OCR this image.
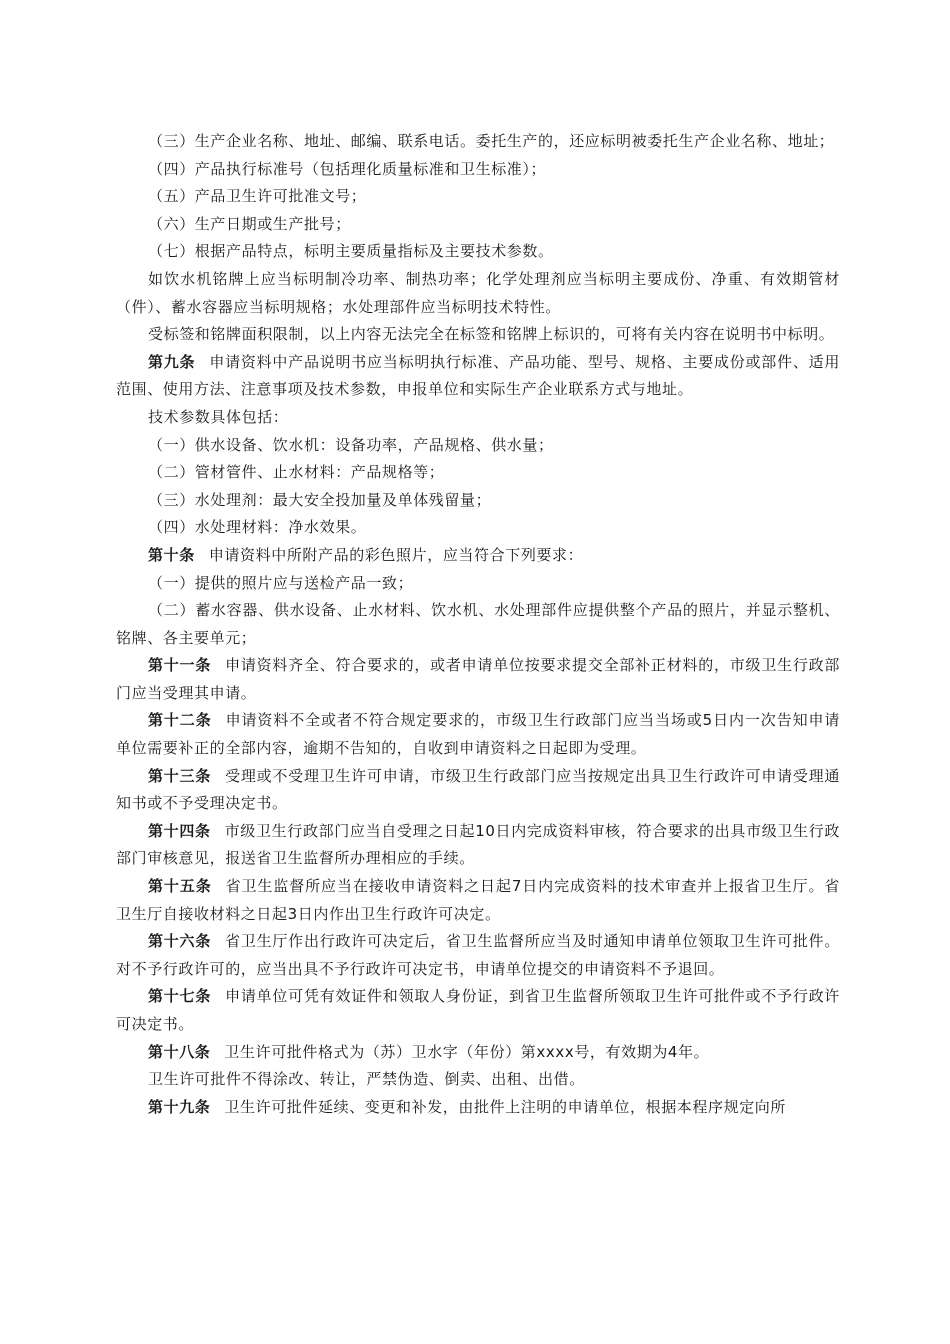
（三）生产企业名称、地址、邮编、联系电话。委托生产的，还应标明被委托生产企业名称、地址；

（四）产品执行标准号（包括理化质量标准和卫生标准）；

（五）产品卫生许可批准文号；

（六）生产日期或生产批号；

（七）根据产品特点，标明主要质量指标及主要技术参数。

如饮水机铭牌上应当标明制冷功率、制热功率；化学处理剂应当标明主要成份、净重、有效期管材（件）、蓄水容器应当标明规格；水处理部件应当标明技术特性。

受标签和铭牌面积限制，以上内容无法完全在标签和铭牌上标识的，可将有关内容在说明书中标明。

第九条 申请资料中产品说明书应当标明执行标准、产品功能、型号、规格、主要成份或部件、适用范围、使用方法、注意事项及技术参数，申报单位和实际生产企业联系方式与地址。

技术参数具体包括：

（一）供水设备、饮水机：设备功率，产品规格、供水量；

（二）管材管件、止水材料：产品规格等；

（三）水处理剂：最大安全投加量及单体残留量；

（四）水处理材料：净水效果。

第十条 申请资料中所附产品的彩色照片，应当符合下列要求：

（一）提供的照片应与送检产品一致；

（二）蓄水容器、供水设备、止水材料、饮水机、水处理部件应提供整个产品的照片，并显示整机、铭牌、各主要单元；

第十一条 申请资料齐全、符合要求的，或者申请单位按要求提交全部补正材料的，市级卫生行政部门应当受理其申请。

第十二条 申请资料不全或者不符合规定要求的，市级卫生行政部门应当当场或5日内一次告知申请单位需要补正的全部内容，逾期不告知的，自收到申请资料之日起即为受理。

第十三条 受理或不受理卫生许可申请，市级卫生行政部门应当按规定出具卫生行政许可申请受理通知书或不予受理决定书。

第十四条 市级卫生行政部门应当自受理之日起10日内完成资料审核，符合要求的出具市级卫生行政部门审核意见，报送省卫生监督所办理相应的手续。

第十五条 省卫生监督所应当在接收申请资料之日起7日内完成资料的技术审查并上报省卫生厅。省卫生厅自接收材料之日起3日内作出卫生行政许可决定。

第十六条 省卫生厅作出行政许可决定后，省卫生监督所应当及时通知申请单位领取卫生许可批件。对不予行政许可的，应当出具不予行政许可决定书，申请单位提交的申请资料不予退回。

第十七条 申请单位可凭有效证件和领取人身份证，到省卫生监督所领取卫生许可批件或不予行政许可决定书。

第十八条 卫生许可批件格式为（苏）卫水字（年份）第xxxx号，有效期为4年。

卫生许可批件不得涂改、转让，严禁伪造、倒卖、出租、出借。

第十九条 卫生许可批件延续、变更和补发，由批件上注明的申请单位，根据本程序规定向所
